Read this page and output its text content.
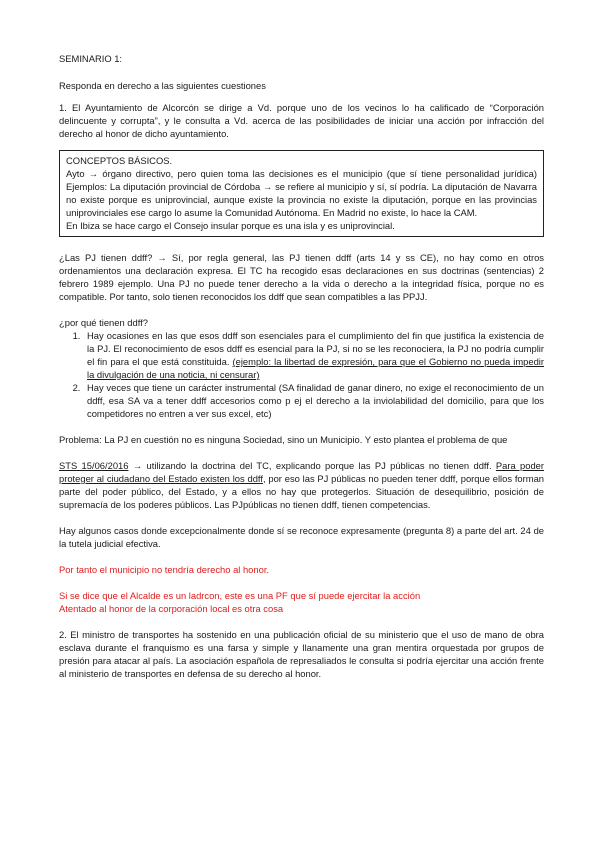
SEMINARIO 1:

Responda en derecho a las siguientes cuestiones

1. El Ayuntamiento de Alcorcón se dirige a Vd. porque uno de los vecinos lo ha calificado de “Corporación delincuente y corrupta”, y le consulta a Vd. acerca de las posibilidades de iniciar una acción por infracción del derecho al honor de dicho ayuntamiento.

CONCEPTOS BÁSICOS.

Ayto → órgano directivo, pero quien toma las decisiones es el municipio (que sí tiene personalidad jurídica) Ejemplos: La diputación provincial de Córdoba → se refiere al municipio y sí, sí podría. La diputación de Navarra no existe porque es uniprovincial, aunque existe la provincia no existe la diputación, porque en las provincias uniprovinciales ese cargo lo asume la Comunidad Autónoma. En Madrid no existe, lo hace la CAM.

En Ibiza se hace cargo el Consejo insular porque es una isla y es uniprovincial.

¿Las PJ tienen ddff? → Sí, por regla general, las PJ tienen ddff (arts 14 y ss CE), no hay como en otros ordenamientos una declaración expresa. El TC ha recogido esas declaraciones en sus doctrinas (sentencias) 2 febrero 1989 ejemplo. Una PJ no puede tener derecho a la vida o derecho a la integridad física, porque no es compatible. Por tanto, solo tienen reconocidos los ddff que sean compatibles a las PPJJ.

¿por qué tienen ddff?

1. Hay ocasiones en las que esos ddff son esenciales para el cumplimiento del fin que justifica la existencia de la PJ. El reconocimiento de esos ddff es esencial para la PJ, si no se les reconociera, la PJ no podría cumplir el fin para el que está constituida. (ejemplo: la libertad de expresión, para que el Gobierno no pueda impedir la divulgación de una noticia, ni censurar)
2. Hay veces que tiene un carácter instrumental (SA finalidad de ganar dinero, no exige el reconocimiento de un ddff, esa SA va a tener ddff accesorios como p ej el derecho a la inviolabilidad del domicilio, para que los competidores no entren a ver sus excel, etc)

Problema: La PJ en cuestión no es ninguna Sociedad, sino un Municipio. Y esto plantea el problema de que

STS 15/06/2016 → utilizando la doctrina del TC, explicando porque las PJ públicas no tienen ddff. Para poder proteger al ciudadano del Estado existen los ddff, por eso las PJ públicas no pueden tener ddff, porque ellos forman parte del poder público, del Estado, y a ellos no hay que protegerlos. Situación de desequilibrio, posición de supremacía de los poderes públicos. Las PJpúblicas no tienen ddff, tienen competencias.

Hay algunos casos donde excepcionalmente donde sí se reconoce expresamente (pregunta 8) a parte del art. 24 de la tutela judicial efectiva.

Por tanto el municipio no tendría derecho al honor.

Si se dice que el Alcalde es un ladrcon, este es una PF que sí puede ejercitar la acción

Atentado al honor de la corporación local es otra cosa

2. El ministro de transportes ha sostenido en una publicación oficial de su ministerio que el uso de mano de obra esclava durante el franquismo es una farsa y simple y llanamente una gran mentira orquestada por grupos de presión para atacar al país. La asociación española de represaliados le consulta si podría ejercitar una acción frente al ministerio de transportes en defensa de su derecho al honor.
